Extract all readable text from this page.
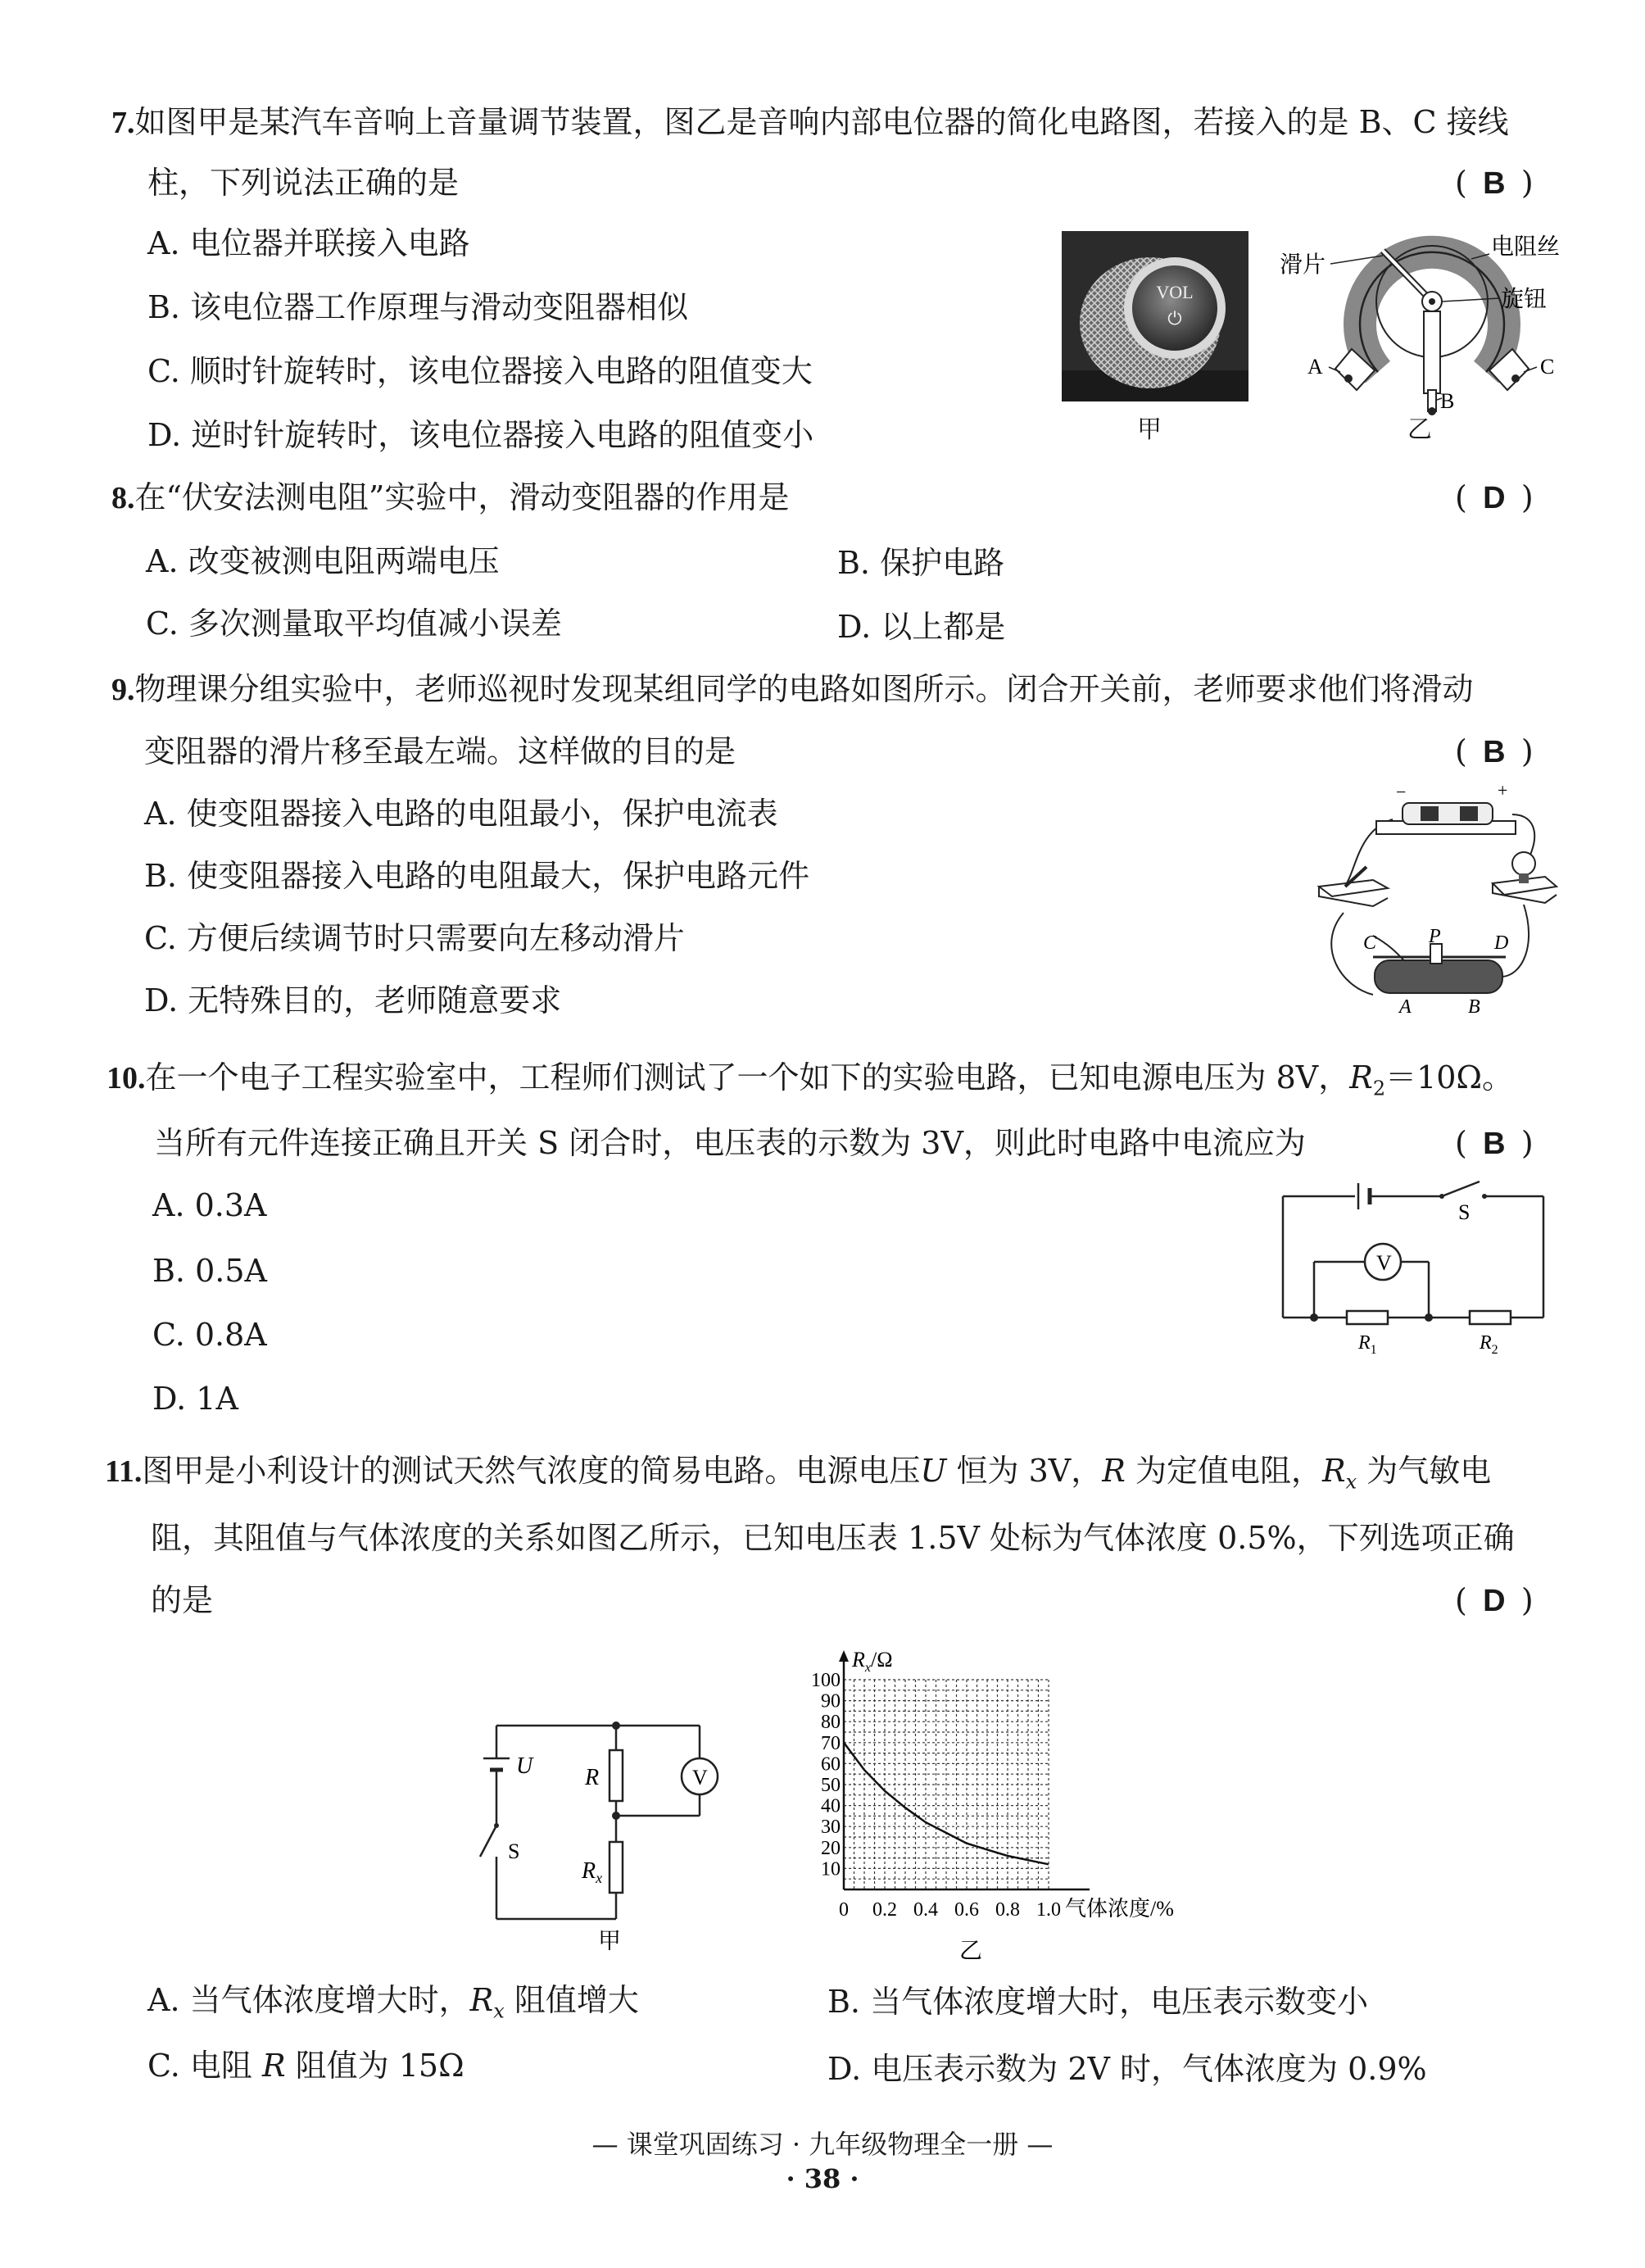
7.如图甲是某汽车音响上音量调节装置，图乙是音响内部电位器的简化电路图，若接入的是 B、C 接线
柱，下列说法正确的是	( B )
A. 电位器并联接入电路
B. 该电位器工作原理与滑动变阻器相似
C. 顺时针旋转时，该电位器接入电路的阻值变大
D. 逆时针旋转时，该电位器接入电路的阻值变小
VOL
⏻
甲
滑片
电阻丝
旋钮
A	C
B
乙
8.在“伏安法测电阻”实验中，滑动变阻器的作用是	( D )
A. 改变被测电阻两端电压	B. 保护电路
C. 多次测量取平均值减小误差	D. 以上都是
9.物理课分组实验中，老师巡视时发现某组同学的电路如图所示。闭合开关前，老师要求他们将滑动
变阻器的滑片移至最左端。这样做的目的是	( B )
A. 使变阻器接入电路的电阻最小，保护电流表
B. 使变阻器接入电路的电阻最大，保护电路元件
C. 方便后续调节时只需要向左移动滑片
D. 无特殊目的，老师随意要求
−	+
C	P	D
A	B
10.在一个电子工程实验室中，工程师们测试了一个如下的实验电路，已知电源电压为 8V，$R_2=10\Omega$。
当所有元件连接正确且开关 S 闭合时，电压表的示数为 3V，则此时电路中电流应为	( B )
A. 0.3A
B. 0.5A
C. 0.8A
D. 1A
V
S
$R_1$	$R_2$
11.图甲是小利设计的测试天然气浓度的简易电路。电源电压U 恒为 3V，R 为定值电阻，$R_x$ 为气敏电
阻，其阻值与气体浓度的关系如图乙所示，已知电压表 1.5V 处标为气体浓度 0.5%，下列选项正确
的是	( D )
U R	V
S
$R_x$
甲
10
20
30
40
50
60
70
80
90
100
0 0.2 0.4 0.6 0.8 1.0
$R_x/\Omega$
气体浓度/%
乙
A. 当气体浓度增大时，$R_x$ 阻值增大	B. 当气体浓度增大时，电压表示数变小
C. 电阻 R 阻值为 15Ω	D. 电压表示数为 2V 时，气体浓度为 0.9%
— 课堂巩固练习 · 九年级物理全一册 —
· 38 ·
